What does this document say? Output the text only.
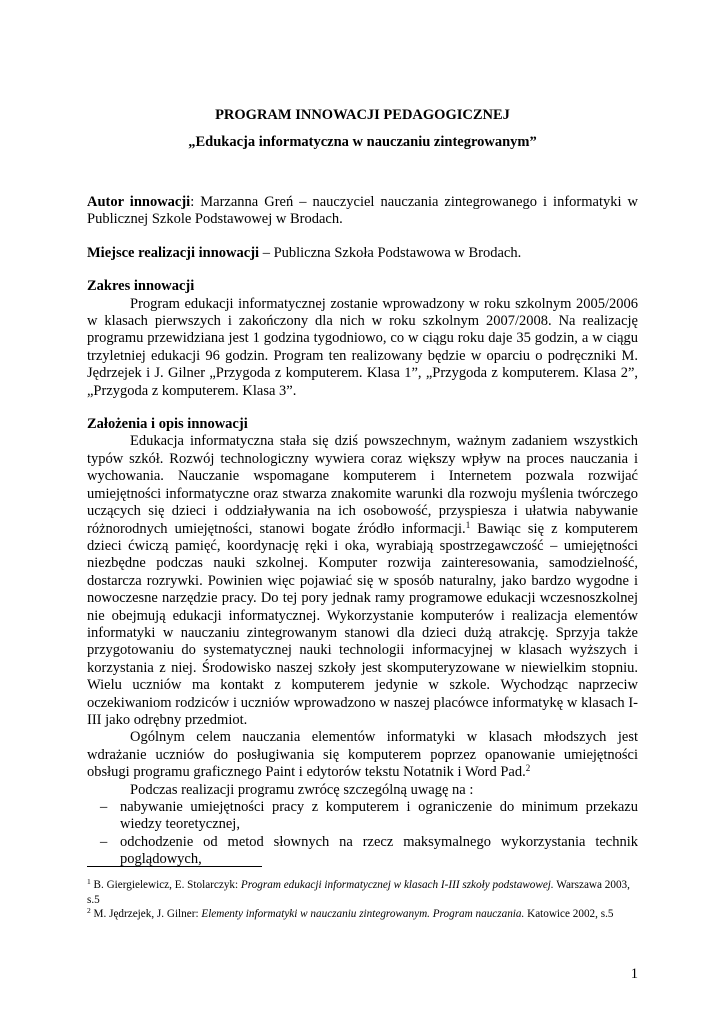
PROGRAM INNOWACJI PEDAGOGICZNEJ
„Edukacja informatyczna w nauczaniu zintegrowanym”

Autor innowacji: Marzanna Greń – nauczyciel nauczania zintegrowanego i informatyki w Publicznej Szkole Podstawowej w Brodach.

Miejsce realizacji innowacji – Publiczna Szkoła Podstawowa w Brodach.

Zakres innowacji

Program edukacji informatycznej zostanie wprowadzony w roku szkolnym 2005/2006 w klasach pierwszych i zakończony dla nich w roku szkolnym 2007/2008. Na realizację programu przewidziana jest 1 godzina tygodniowo, co w ciągu roku daje 35 godzin, a w ciągu trzyletniej edukacji 96 godzin. Program ten realizowany będzie w oparciu o podręczniki M. Jędrzejek i J. Gilner „Przygoda z komputerem. Klasa 1”, „Przygoda z komputerem. Klasa 2”, „Przygoda z komputerem. Klasa 3”.

Założenia i opis innowacji

Edukacja informatyczna stała się dziś powszechnym, ważnym zadaniem wszystkich typów szkół. Rozwój technologiczny wywiera coraz większy wpływ na proces nauczania i wychowania. Nauczanie wspomagane komputerem i Internetem pozwala rozwijać umiejętności informatyczne oraz stwarza znakomite warunki dla rozwoju myślenia twórczego uczących się dzieci i oddziaływania na ich osobowość, przyspiesza i ułatwia nabywanie różnorodnych umiejętności, stanowi bogate źródło informacji.$^1$ Bawiąc się z komputerem dzieci ćwiczą pamięć, koordynację ręki i oka, wyrabiają spostrzegawczość – umiejętności niezbędne podczas nauki szkolnej. Komputer rozwija zainteresowania, samodzielność, dostarcza rozrywki. Powinien więc pojawiać się w sposób naturalny, jako bardzo wygodne i nowoczesne narzędzie pracy. Do tej pory jednak ramy programowe edukacji wczesnoszkolnej nie obejmują edukacji informatycznej. Wykorzystanie komputerów i realizacja elementów informatyki w nauczaniu zintegrowanym stanowi dla dzieci dużą atrakcję. Sprzyja także przygotowaniu do systematycznej nauki technologii informacyjnej w klasach wyższych i korzystania z niej. Środowisko naszej szkoły jest skomputeryzowane w niewielkim stopniu. Wielu uczniów ma kontakt z komputerem jedynie w szkole. Wychodząc naprzeciw oczekiwaniom rodziców i uczniów wprowadzono w naszej placówce informatykę w klasach I-III jako odrębny przedmiot.

Ogólnym celem nauczania elementów informatyki w klasach młodszych jest wdrażanie uczniów do posługiwania się komputerem poprzez opanowanie umiejętności obsługi programu graficznego Paint i edytorów tekstu Notatnik i Word Pad.$^2$

Podczas realizacji programu zwrócę szczególną uwagę na :

– nabywanie umiejętności pracy z komputerem i ograniczenie do minimum przekazu wiedzy teoretycznej,
– odchodzenie od metod słownych na rzecz maksymalnego wykorzystania technik poglądowych,

$^1$ B. Giergielewicz, E. Stolarczyk: Program edukacji informatycznej w klasach I-III szkoły podstawowej. Warszawa 2003, s.5

$^2$ M. Jędrzejek, J. Gilner: Elementy informatyki w nauczaniu zintegrowanym. Program nauczania. Katowice 2002, s.5

1
